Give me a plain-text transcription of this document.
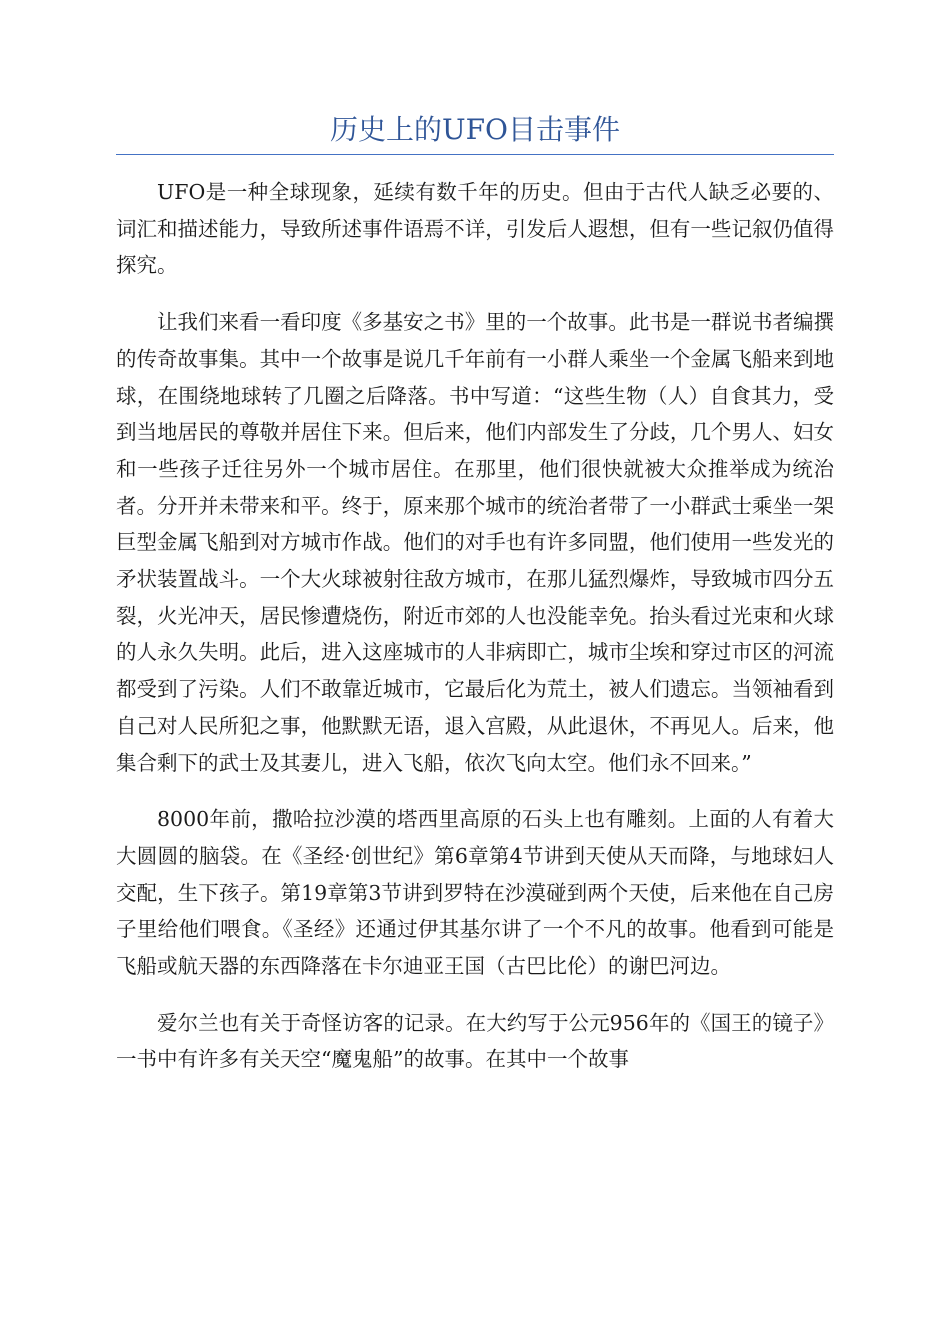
历史上的UFO目击事件

UFO是一种全球现象，延续有数千年的历史。但由于古代人缺乏必要的、词汇和描述能力，导致所述事件语焉不详，引发后人遐想，但有一些记叙仍值得探究。

让我们来看一看印度《多基安之书》里的一个故事。此书是一群说书者编撰的传奇故事集。其中一个故事是说几千年前有一小群人乘坐一个金属飞船来到地球，在围绕地球转了几圈之后降落。书中写道：“这些生物（人）自食其力，受到当地居民的尊敬并居住下来。但后来，他们内部发生了分歧，几个男人、妇女和一些孩子迁往另外一个城市居住。在那里，他们很快就被大众推举成为统治者。分开并未带来和平。终于，原来那个城市的统治者带了一小群武士乘坐一架巨型金属飞船到对方城市作战。他们的对手也有许多同盟，他们使用一些发光的矛状装置战斗。一个大火球被射往敌方城市，在那儿猛烈爆炸，导致城市四分五裂，火光冲天，居民惨遭烧伤，附近市郊的人也没能幸免。抬头看过光束和火球的人永久失明。此后，进入这座城市的人非病即亡，城市尘埃和穿过市区的河流都受到了污染。人们不敢靠近城市，它最后化为荒土，被人们遗忘。当领袖看到自己对人民所犯之事，他默默无语，退入宫殿，从此退休，不再见人。后来，他集合剩下的武士及其妻儿，进入飞船，依次飞向太空。他们永不回来。”

8000年前，撒哈拉沙漠的塔西里高原的石头上也有雕刻。上面的人有着大大圆圆的脑袋。在《圣经·创世纪》第6章第4节讲到天使从天而降，与地球妇人交配，生下孩子。第19章第3节讲到罗特在沙漠碰到两个天使，后来他在自己房子里给他们喂食。《圣经》还通过伊其基尔讲了一个不凡的故事。他看到可能是飞船或航天器的东西降落在卡尔迪亚王国（古巴比伦）的谢巴河边。

爱尔兰也有关于奇怪访客的记录。在大约写于公元956年的《国王的镜子》一书中有许多有关天空“魔鬼船”的故事。在其中一个故事
